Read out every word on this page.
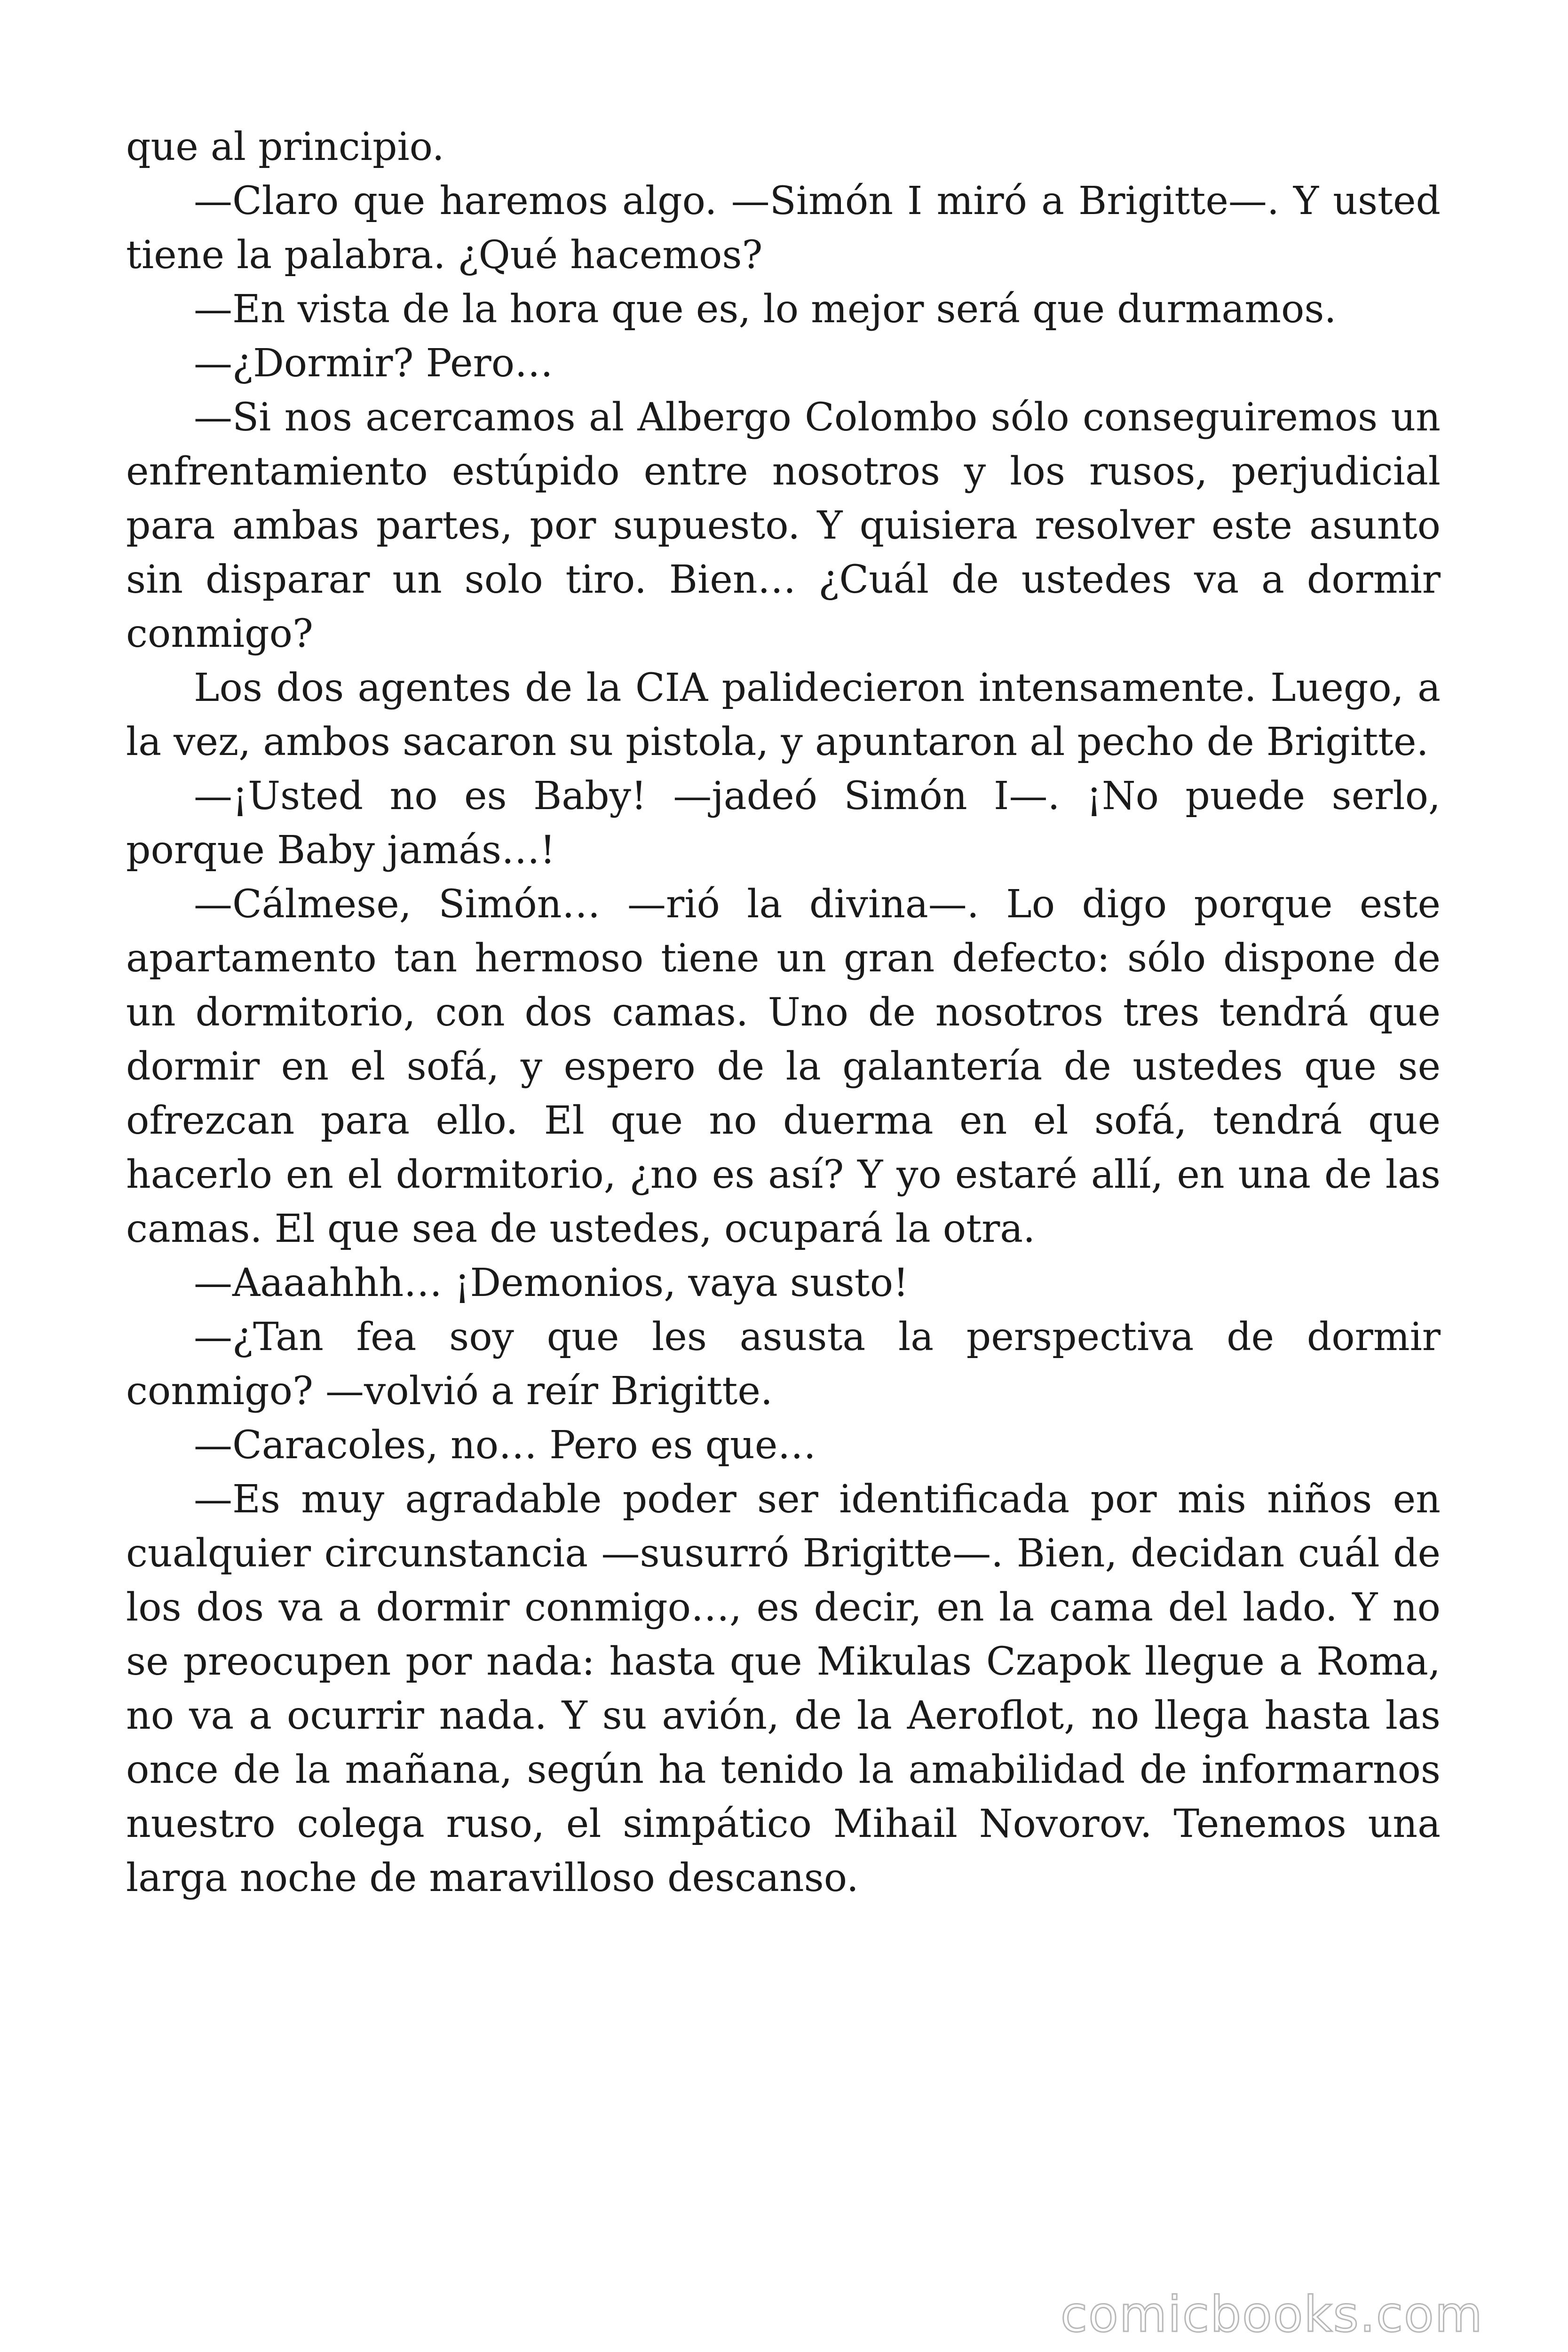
que al principio.

—Claro que haremos algo. —Simón I miró a Brigitte—. Y usted tiene la palabra. ¿Qué hacemos?

—En vista de la hora que es, lo mejor será que durmamos.

—¿Dormir? Pero…

—Si nos acercamos al Albergo Colombo sólo conseguiremos un enfrentamiento estúpido entre nosotros y los rusos, perjudicial para ambas partes, por supuesto. Y quisiera resolver este asunto sin disparar un solo tiro. Bien… ¿Cuál de ustedes va a dormir conmigo?

Los dos agentes de la CIA palidecieron intensamente. Luego, a la vez, ambos sacaron su pistola, y apuntaron al pecho de Brigitte.

—¡Usted no es Baby! —jadeó Simón I—. ¡No puede serlo, porque Baby jamás…!

—Cálmese, Simón… —rió la divina—. Lo digo porque este apartamento tan hermoso tiene un gran defecto: sólo dispone de un dormitorio, con dos camas. Uno de nosotros tres tendrá que dormir en el sofá, y espero de la galantería de ustedes que se ofrezcan para ello. El que no duerma en el sofá, tendrá que hacerlo en el dormitorio, ¿no es así? Y yo estaré allí, en una de las camas. El que sea de ustedes, ocupará la otra.

—Aaaahhh… ¡Demonios, vaya susto!

—¿Tan fea soy que les asusta la perspectiva de dormir conmigo? —volvió a reír Brigitte.

—Caracoles, no… Pero es que…

—Es muy agradable poder ser identificada por mis niños en cualquier circunstancia —susurró Brigitte—. Bien, decidan cuál de los dos va a dormir conmigo…, es decir, en la cama del lado. Y no se preocupen por nada: hasta que Mikulas Czapok llegue a Roma, no va a ocurrir nada. Y su avión, de la Aeroflot, no llega hasta las once de la mañana, según ha tenido la amabilidad de informarnos nuestro colega ruso, el simpático Mihail Novorov. Tenemos una larga noche de maravilloso descanso.

comicbooks.com
